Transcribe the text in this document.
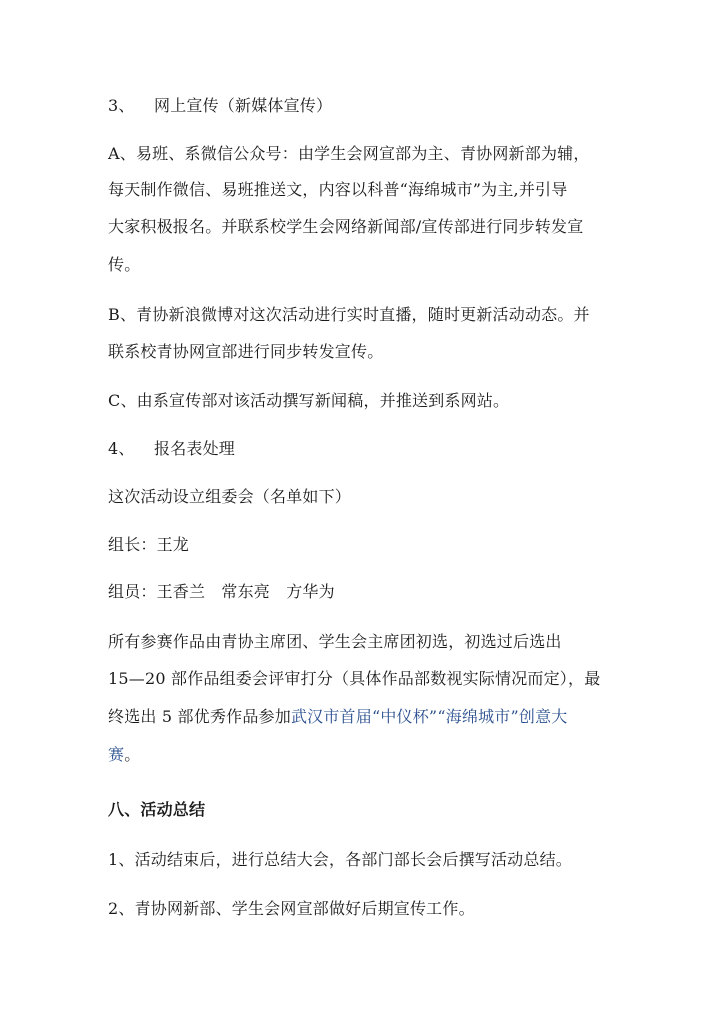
3、 网上宣传（新媒体宣传）
A、易班、系微信公众号：由学生会网宣部为主、青协网新部为辅，
每天制作微信、易班推送文，内容以科普“海绵城市”为主,并引导
大家积极报名。并联系校学生会网络新闻部/宣传部进行同步转发宣
传。
B、青协新浪微博对这次活动进行实时直播，随时更新活动动态。并
联系校青协网宣部进行同步转发宣传。
C、由系宣传部对该活动撰写新闻稿，并推送到系网站。
4、 报名表处理
这次活动设立组委会（名单如下）
组长：王龙
组员：王香兰　常东亮　方华为
所有参赛作品由青协主席团、学生会主席团初选，初选过后选出
15—20 部作品组委会评审打分（具体作品部数视实际情况而定），最
终选出 5 部优秀作品参加武汉市首届“中仪杯”“海绵城市”创意大
赛。
八、活动总结
1、活动结束后，进行总结大会，各部门部长会后撰写活动总结。
2、青协网新部、学生会网宣部做好后期宣传工作。
